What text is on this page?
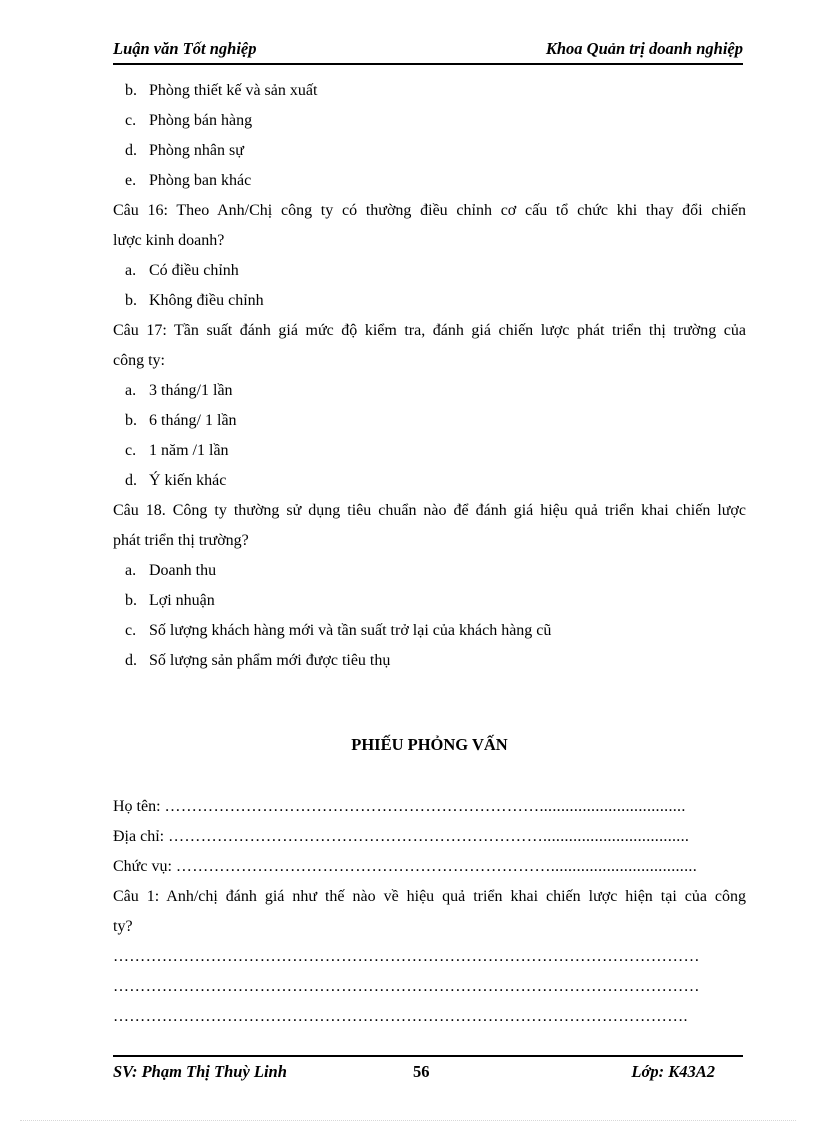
Luận văn Tốt nghiệp	Khoa Quản trị doanh nghiệp
b. Phòng thiết kế và sản xuất
c. Phòng bán hàng
d. Phòng nhân sự
e. Phòng ban khác
Câu 16: Theo Anh/Chị công ty có thường điều chỉnh cơ cấu tổ chức khi thay đổi chiến
lược kinh doanh?
a. Có điều chỉnh
b. Không điều chỉnh
Câu 17: Tần suất đánh giá mức độ kiểm tra, đánh giá chiến lược phát triển thị trường của
công ty:
a. 3 tháng/1 lần
b. 6 tháng/ 1 lần
c. 1 năm /1 lần
d. Ý kiến khác
Câu 18. Công ty thường sử dụng tiêu chuẩn nào để đánh giá hiệu quả triển khai chiến lược
phát triển thị trường?
a. Doanh thu
b. Lợi nhuận
c. Số lượng khách hàng mới và tần suất trở lại của khách hàng cũ
d. Số lượng sản phẩm mới được tiêu thụ
PHIẾU PHỎNG VẤN
Họ tên: ……………………………………………………………..................................
Địa chỉ: ……………………………………………………………..................................
Chức vụ: ……………………………………………………………..................................
Câu 1: Anh/chị đánh giá như thế nào về hiệu quả triển khai chiến lược hiện tại của công
ty?
………………………………………………………………………………………………
………………………………………………………………………………………………
…………………………………………………………………………………………….
SV: Phạm Thị Thuỳ Linh	56	Lớp: K43A2
